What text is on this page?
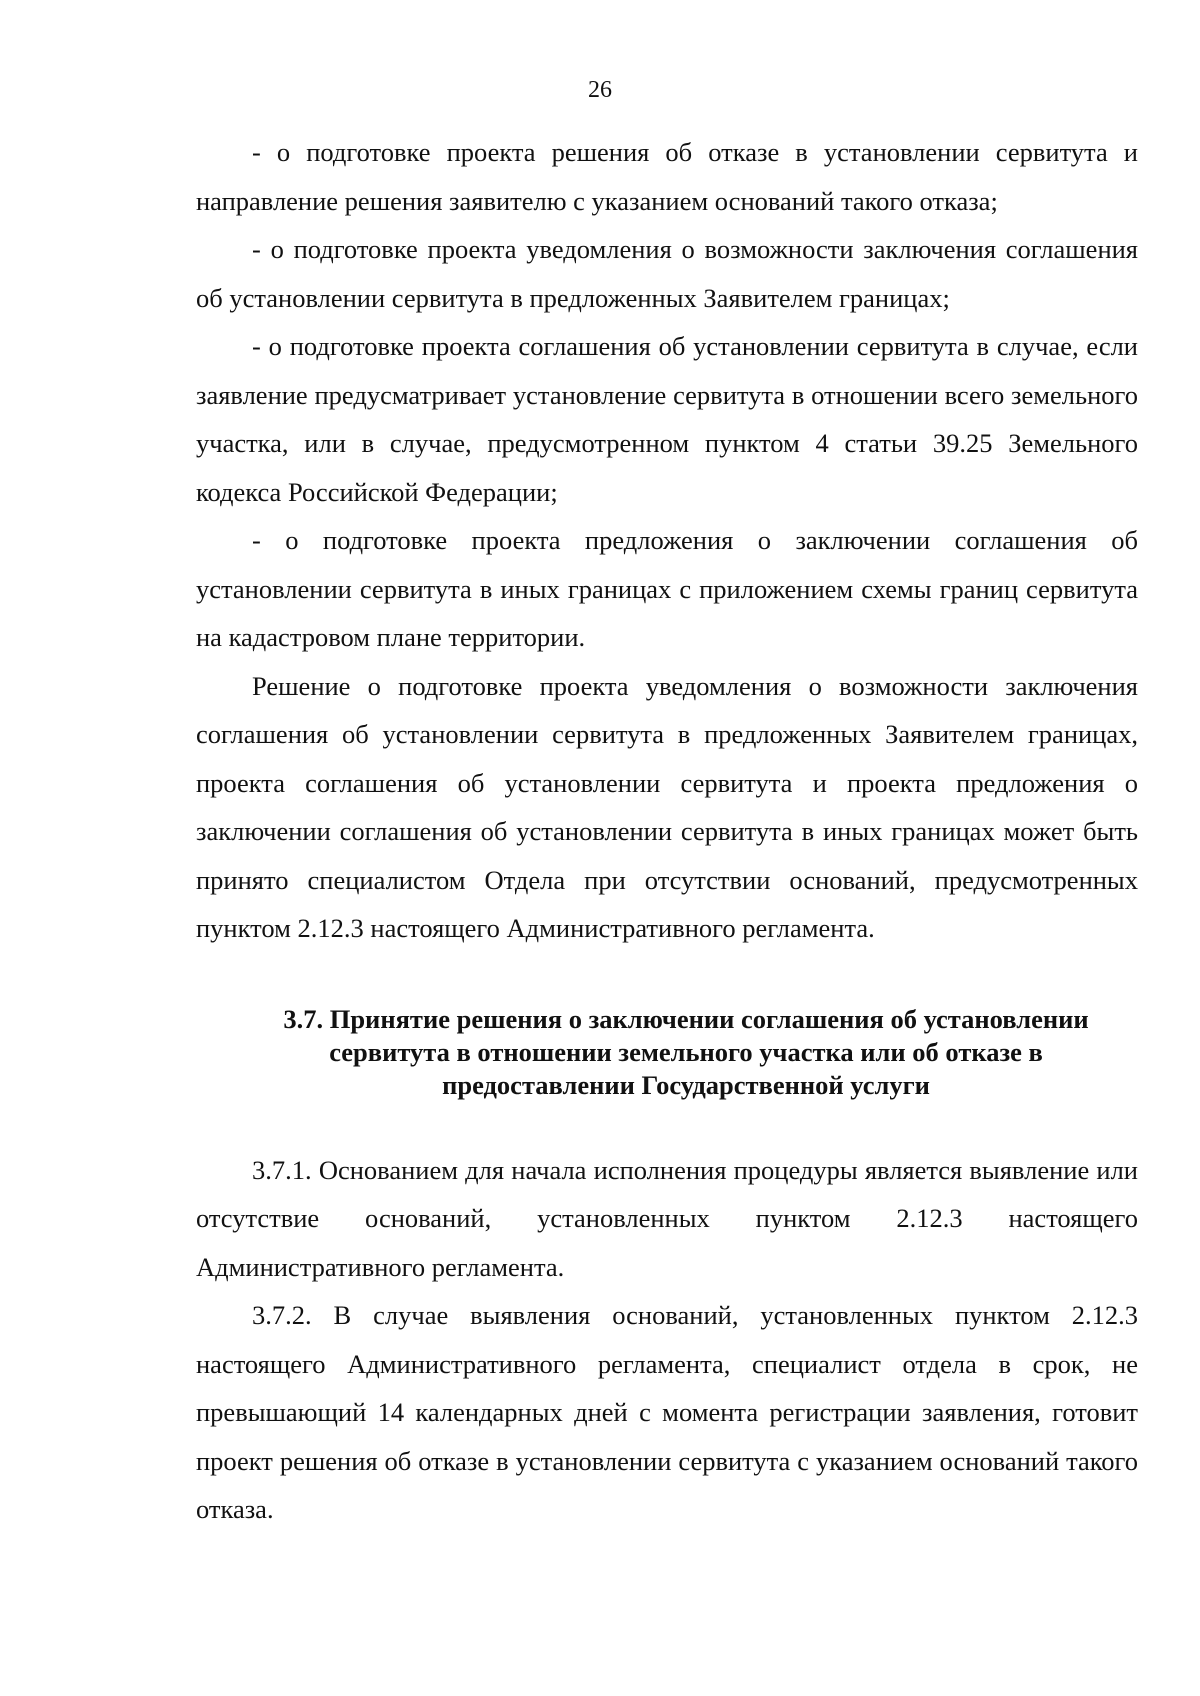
26

- о подготовке проекта решения об отказе в установлении сервитута и направление решения заявителю с указанием оснований такого отказа;

- о подготовке проекта уведомления о возможности заключения соглашения об установлении сервитута в предложенных Заявителем границах;

- о подготовке проекта соглашения об установлении сервитута в случае, если заявление предусматривает установление сервитута в отношении всего земельного участка, или в случае, предусмотренном пунктом 4 статьи 39.25 Земельного кодекса Российской Федерации;

- о подготовке проекта предложения о заключении соглашения об установлении сервитута в иных границах с приложением схемы границ сервитута на кадастровом плане территории.

Решение о подготовке проекта уведомления о возможности заключения соглашения об установлении сервитута в предложенных Заявителем границах, проекта соглашения об установлении сервитута и проекта предложения о заключении соглашения об установлении сервитута в иных границах может быть принято специалистом Отдела при отсутствии оснований, предусмотренных пунктом 2.12.3 настоящего Административного регламента.

3.7. Принятие решения о заключении соглашения об установлении
сервитута в отношении земельного участка или об отказе в
предоставлении Государственной услуги

3.7.1. Основанием для начала исполнения процедуры является выявление или отсутствие оснований, установленных пунктом 2.12.3 настоящего Административного регламента.

3.7.2. В случае выявления оснований, установленных пунктом 2.12.3 настоящего Административного регламента, специалист отдела в срок, не превышающий 14 календарных дней с момента регистрации заявления, готовит проект решения об отказе в установлении сервитута с указанием оснований такого отказа.
